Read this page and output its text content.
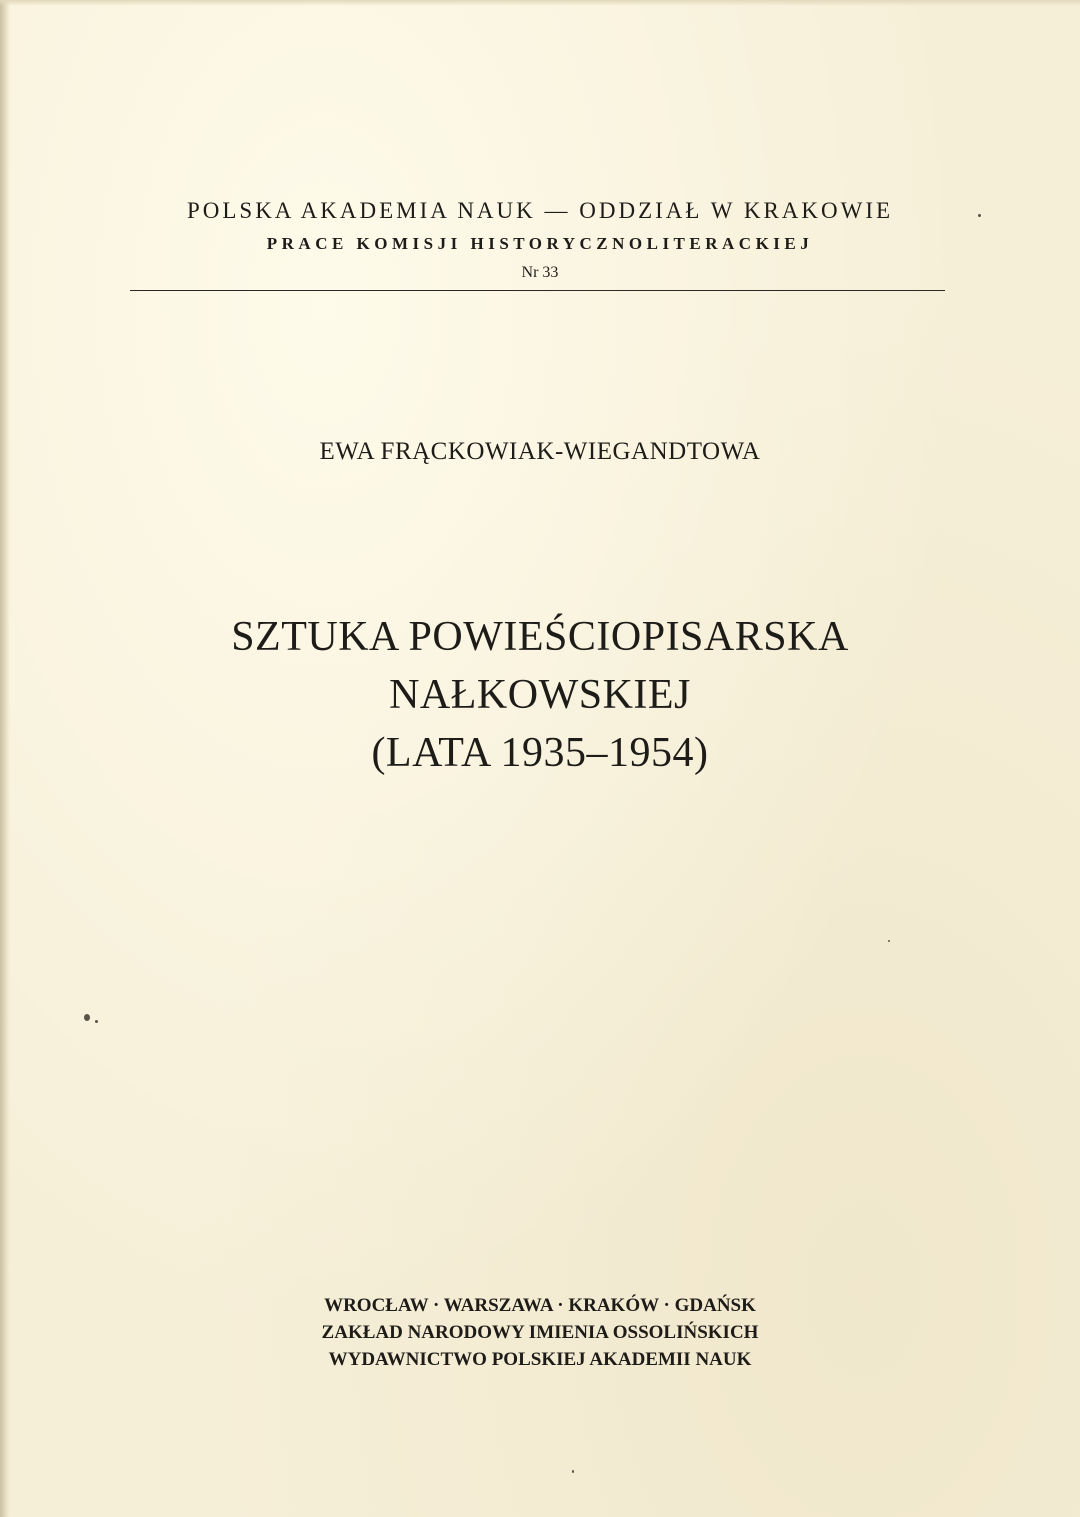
POLSKA AKADEMIA NAUK — ODDZIAŁ W KRAKOWIE
PRACE KOMISJI HISTORYCZNOLITERACKIEJ
Nr 33
EWA FRĄCKOWIAK-WIEGANDTOWA
SZTUKA POWIEŚCIOPISARSKA
NAŁKOWSKIEJ
(LATA 1935–1954)
WROCŁAW · WARSZAWA · KRAKÓW · GDAŃSK
ZAKŁAD NARODOWY IMIENIA OSSOLIŃSKICH
WYDAWNICTWO POLSKIEJ AKADEMII NAUK
